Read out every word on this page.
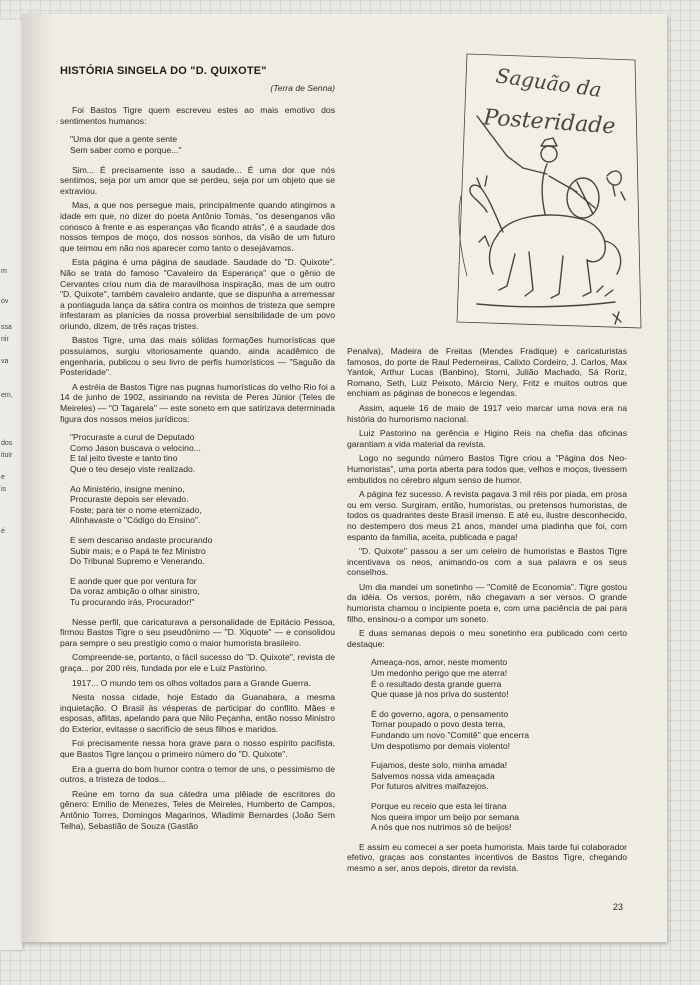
m
ov
ssa
nir
va
em,
dos
ituir
e
is
é
HISTÓRIA SINGELA DO "D. QUIXOTE"
(Terra de Senna)

Foi Bastos Tigre quem escreveu estes ao mais emotivo dos sentimentos humanos:

"Uma dor que a gente sente
Sem saber como e porque..."

Sim... É precisamente isso a saudade... É uma dor que nós sentimos, seja por um amor que se perdeu, seja por um objeto que se extraviou.

Mas, a que nos persegue mais, principalmente quando atingimos a idade em que, no dizer do poeta Antônio Tomás, "os desenganos vão conosco à frente e as esperanças vão ficando atrás", é a saudade dos nossos tempos de moço, dos nossos sonhos, da visão de um futuro que teimou em não nos aparecer como tanto o desejávamos.

Esta página é uma página de saudade. Saudade do "D. Quixote". Não se trata do famoso "Cavaleiro da Esperança" que o gênio de Cervantes criou num dia de maravilhosa inspiração, mas de um outro "D. Quixote", também cavaleiro andante, que se dispunha a arremessar a pontiaguda lança da sátira contra os moinhos de tristeza que sempre infestaram as planícies da nossa proverbial sensibilidade de um povo oriundo, dizem, de três raças tristes.

Bastos Tigre, uma das mais sólidas formações humorísticas que possuíamos, surgiu vitoriosamente quando, ainda acadêmico de engenharia, publicou o seu livro de perfis humorísticos — "Saguão da Posteridade".

A estréia de Bastos Tigre nas pugnas humorísticas do velho Rio foi a 14 de junho de 1902, assinando na revista de Peres Júnior (Teles de Meireles) — "O Tagarela" — este soneto em que satirizava determinada figura dos nossos meios jurídicos:

"Procuraste a curul de Deputado
Como Jason buscava o velocino...
E tal jeito tiveste e tanto tino
Que o teu desejo viste realizado.
Ao Ministério, insigne menino,
Procuraste depois ser elevado.
Foste; para ter o nome eternizado,
Alinhavaste o "Código do Ensino".
E sem descanso andaste procurando
Subir mais; e o Papá te fez Ministro
Do Tribunal Supremo e Venerando.
E aonde quer que por ventura for
Da voraz ambição o olhar sinistro,
Tu procurando irás, Procurador!"

Nesse perfil, que caricaturava a personalidade de Epitácio Pessoa, firmou Bastos Tigre o seu pseudônimo — "D. Xiquote" — e consolidou para sempre o seu prestígio como o maior humorista brasileiro.

Compreende-se, portanto, o fácil sucesso do "D. Quixote", revista de graça... por 200 réis, fundada por ele e Luiz Pastorino.

1917... O mundo tem os olhos voltados para a Grande Guerra.

Nesta nossa cidade, hoje Estado da Guanabara, a mesma inquietação. O Brasil às vésperas de participar do conflito. Mães e esposas, aflitas, apelando para que Nilo Peçanha, então nosso Ministro do Exterior, evitasse o sacrifício de seus filhos e maridos.

Foi precisamente nessa hora grave para o nosso espírito pacifista, que Bastos Tigre lançou o primeiro número do "D. Quixote".

Era a guerra do bom humor contra o temor de uns, o pessimismo de outros, a tristeza de todos...

Reúne em torno da sua cátedra uma plêiade de escritores do gênero: Emílio de Menezes, Teles de Meireles, Humberto de Campos, Antônio Torres, Domingos Magarinos, Wladimir Bernardes (João Sem Telha), Sebastião de Souza (Gastão

Saguão da
Posteridade

Penalva), Madeira de Freitas (Mendes Fradique) e caricaturistas famosos, do porte de Raul Pederneiras, Calixto Cordeiro, J. Carlos, Max Yantok, Arthur Lucas (Banbino), Storni, Julião Machado, Sá Roriz, Romano, Seth, Luiz Peixoto, Márcio Nery, Fritz e muitos outros que enchiam as páginas de bonecos e legendas.

Assim, aquele 16 de maio de 1917 veio marcar uma nova era na história do humorismo nacional.

Luiz Pastorino na gerência e Higino Reis na chefia das oficinas garantiam a vida material da revista.

Logo no segundo número Bastos Tigre criou a "Página dos Neo-Humoristas", uma porta aberta para todos que, velhos e moços, tivessem embutidos no cérebro algum senso de humor.

A página fez sucesso. A revista pagava 3 mil réis por piada, em prosa ou em verso. Surgiram, então, humoristas, ou pretensos humoristas, de todos os quadrantes deste Brasil imenso. E até eu, ilustre desconhecido, no destempero dos meus 21 anos, mandei uma piadinha que foi, com espanto da família, aceita, publicada e paga!

"D. Quixote" passou a ser um celeiro de humoristas e Bastos Tigre incentivava os neos, animando-os com a sua palavra e os seus conselhos.

Um dia mandei um sonetinho — "Comitê de Economia". Tigre gostou da idéia. Os versos, porém, não chegavam a ser versos. O grande humorista chamou o incipiente poeta e, com uma paciência de pai para filho, ensinou-o a compor um soneto.

E duas semanas depois o meu sonetinho era publicado com certo destaque:

Ameaça-nos, amor, neste momento
Um medonho perigo que me aterra!
É o resultado desta grande guerra
Que quase já nos priva do sustento!
É do governo, agora, o pensamento
Tornar poupado o povo desta terra,
Fundando um novo "Comitê" que encerra
Um despotismo por demais violento!
Fujamos, deste solo, minha amada!
Salvemos nossa vida ameaçada
Por futuros alvitres malfazejos.
Porque eu receio que esta lei tirana
Nos queira impor um beijo por semana
A nós que nos nutrimos só de beijos!

E assim eu comecei a ser poeta humorista. Mais tarde fui colaborador efetivo, graças aos constantes incentivos de Bastos Tigre, chegando mesmo a ser, anos depois, diretor da revista.

23
